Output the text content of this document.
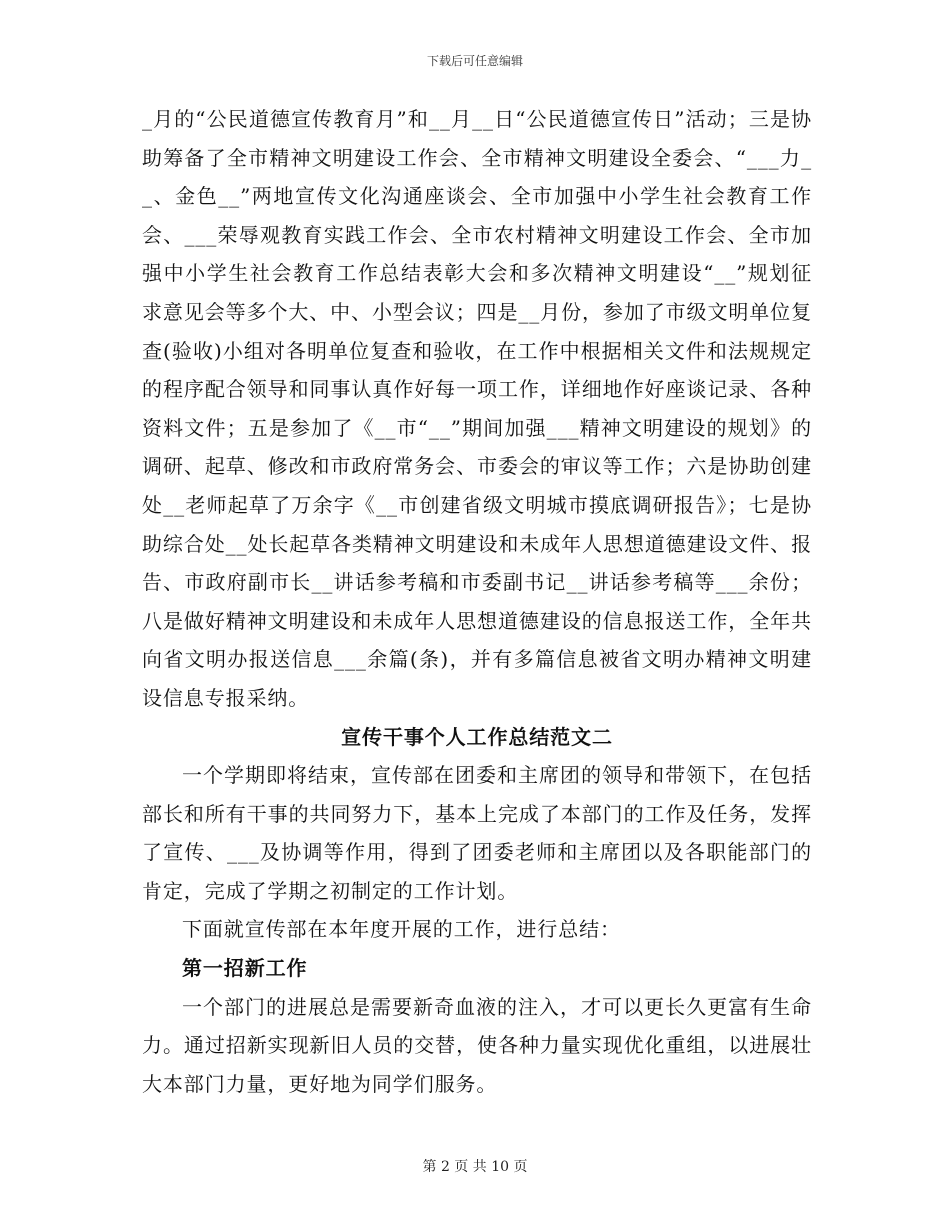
下载后可任意编辑

_月的“公民道德宣传教育月”和__月__日“公民道德宣传日”活动；三是协助筹备了全市精神文明建设工作会、全市精神文明建设全委会、“___力__、金色__”两地宣传文化沟通座谈会、全市加强中小学生社会教育工作会、___荣辱观教育实践工作会、全市农村精神文明建设工作会、全市加强中小学生社会教育工作总结表彰大会和多次精神文明建设“__”规划征求意见会等多个大、中、小型会议；四是__月份，参加了市级文明单位复查(验收)小组对各明单位复查和验收，在工作中根据相关文件和法规规定的程序配合领导和同事认真作好每一项工作，详细地作好座谈记录、各种资料文件；五是参加了《__市“__”期间加强___精神文明建设的规划》的调研、起草、修改和市政府常务会、市委会的审议等工作；六是协助创建处__老师起草了万余字《__市创建省级文明城市摸底调研报告》；七是协助综合处__处长起草各类精神文明建设和未成年人思想道德建设文件、报告、市政府副市长__讲话参考稿和市委副书记__讲话参考稿等___余份；八是做好精神文明建设和未成年人思想道德建设的信息报送工作，全年共向省文明办报送信息___余篇(条)，并有多篇信息被省文明办精神文明建设信息专报采纳。

宣传干事个人工作总结范文二

一个学期即将结束，宣传部在团委和主席团的领导和带领下，在包括部长和所有干事的共同努力下，基本上完成了本部门的工作及任务，发挥了宣传、___及协调等作用，得到了团委老师和主席团以及各职能部门的肯定，完成了学期之初制定的工作计划。

下面就宣传部在本年度开展的工作，进行总结：

第一招新工作

一个部门的进展总是需要新奇血液的注入，才可以更长久更富有生命力。通过招新实现新旧人员的交替，使各种力量实现优化重组，以进展壮大本部门力量，更好地为同学们服务。

第 2 页 共 10 页
